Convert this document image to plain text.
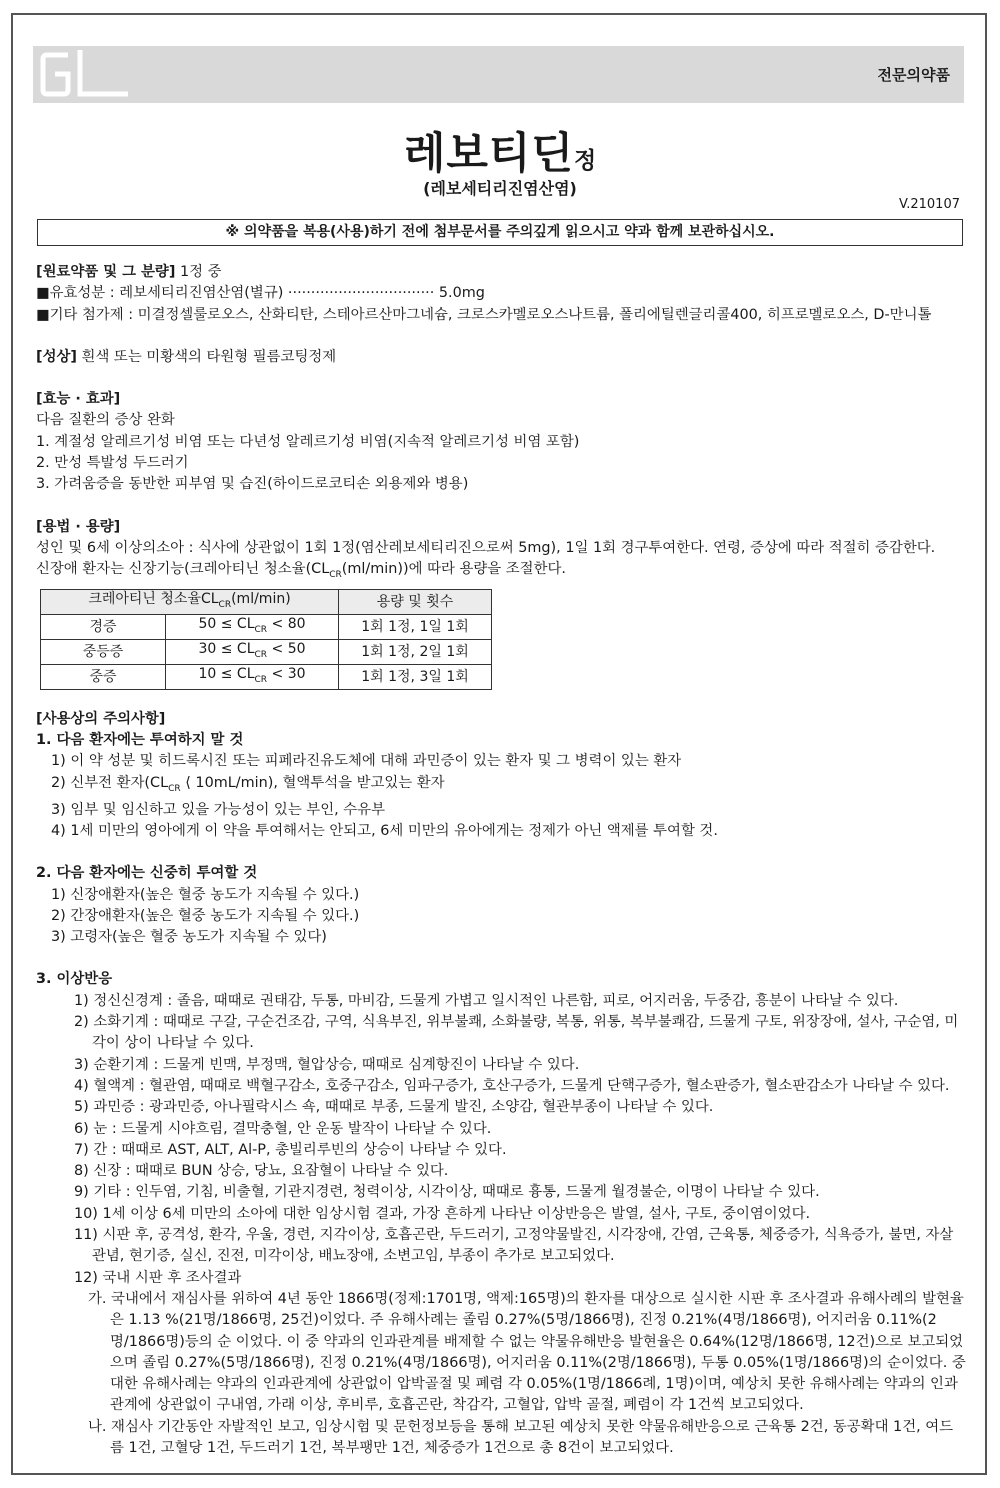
전문의약품
레보티딘정
(레보세티리진염산염)
V.210107
※ 의약품을 복용(사용)하기 전에 첨부문서를 주의깊게 읽으시고 약과 함께 보관하십시오.

[원료약품 및 그 분량] 1정 중

■유효성분 : 레보세티리진염산염(별규) ································ 5.0mg

■기타 첨가제 : 미결정셀룰로오스, 산화티탄, 스테아르산마그네슘, 크로스카멜로오스나트륨, 폴리에틸렌글리콜400, 히프로멜로오스, D-만니톨

[성상] 흰색 또는 미황색의 타원형 필름코팅정제

[효능 · 효과]

다음 질환의 증상 완화

1. 계절성 알레르기성 비염 또는 다년성 알레르기성 비염(지속적 알레르기성 비염 포함)

2. 만성 특발성 두드러기

3. 가려움증을 동반한 피부염 및 습진(하이드로코티손 외용제와 병용)

[용법 · 용량]

성인 및 6세 이상의소아 : 식사에 상관없이 1회 1정(염산레보세티리진으로써 5mg), 1일 1회 경구투여한다. 연령, 증상에 따라 적절히 증감한다.

신장애 환자는 신장기능(크레아티닌 청소율$(CL_{CR}(ml/\min))$에 따라 용량을 조절한다.

크레아티닌 청소율$CL_{CR}(ml/\min)$		용량 및 횟수
경증	$50 \le CL_{CR} < 80$	1회 1정, 1일 1회
중등증	$30 \le CL_{CR} < 50$	1회 1정, 2일 1회
중증	$10 \le CL_{CR} < 30$	1회 1정, 3일 1회

[사용상의 주의사항]

1. 다음 환자에는 투여하지 말 것

1) 이 약 성분 및 히드록시진 또는 피페라진유도체에 대해 과민증이 있는 환자 및 그 병력이 있는 환자

2) 신부전 환자($CL_{CR}$ ⟨ 10mL/min), 혈액투석을 받고있는 환자

3) 임부 및 임신하고 있을 가능성이 있는 부인, 수유부

4) 1세 미만의 영아에게 이 약을 투여해서는 안되고, 6세 미만의 유아에게는 정제가 아닌 액제를 투여할 것.

2. 다음 환자에는 신중히 투여할 것

1) 신장애환자(높은 혈중 농도가 지속될 수 있다.)

2) 간장애환자(높은 혈중 농도가 지속될 수 있다.)

3) 고령자(높은 혈중 농도가 지속될 수 있다)

3. 이상반응

1) 정신신경계 : 졸음, 때때로 권태감, 두통, 마비감, 드물게 가볍고 일시적인 나른함, 피로, 어지러움, 두중감, 흥분이 나타날 수 있다.

2) 소화기계 : 때때로 구갈, 구순건조감, 구역, 식욕부진, 위부불쾌, 소화불량, 복통, 위통, 복부불쾌감, 드물게 구토, 위장장애, 설사, 구순염, 미각이 상이 나타날 수 있다.

3) 순환기계 : 드물게 빈맥, 부정맥, 혈압상승, 때때로 심계항진이 나타날 수 있다.

4) 혈액계 : 혈관염, 때때로 백혈구감소, 호중구감소, 임파구증가, 호산구증가, 드물게 단핵구증가, 혈소판증가, 혈소판감소가 나타날 수 있다.

5) 과민증 : 광과민증, 아나필락시스 쇽, 때때로 부종, 드물게 발진, 소양감, 혈관부종이 나타날 수 있다.

6) 눈 : 드물게 시야흐림, 결막충혈, 안 운동 발작이 나타날 수 있다.

7) 간 : 때때로 AST, ALT, Al-P, 총빌리루빈의 상승이 나타날 수 있다.

8) 신장 : 때때로 BUN 상승, 당뇨, 요잠혈이 나타날 수 있다.

9) 기타 : 인두염, 기침, 비출혈, 기관지경련, 청력이상, 시각이상, 때때로 흉통, 드물게 월경불순, 이명이 나타날 수 있다.

10) 1세 이상 6세 미만의 소아에 대한 임상시험 결과, 가장 흔하게 나타난 이상반응은 발열, 설사, 구토, 중이염이었다.

11) 시판 후, 공격성, 환각, 우울, 경련, 지각이상, 호흡곤란, 두드러기, 고정약물발진, 시각장애, 간염, 근육통, 체중증가, 식욕증가, 불면, 자살관념, 현기증, 실신, 진전, 미각이상, 배뇨장애, 소변고임, 부종이 추가로 보고되었다.

12) 국내 시판 후 조사결과

가. 국내에서 재심사를 위하여 4년 동안 1866명(정제:1701명, 액제:165명)의 환자를 대상으로 실시한 시판 후 조사결과 유해사례의 발현율은 1.13 %(21명/1866명, 25건)이었다. 주 유해사례는 졸림 0.27%(5명/1866명), 진정 0.21%(4명/1866명), 어지러움 0.11%(2명/1866명)등의 순 이었다. 이 중 약과의 인과관계를 배제할 수 없는 약물유해반응 발현율은 0.64%(12명/1866명, 12건)으로 보고되었으며 졸림 0.27%(5명/1866명), 진정 0.21%(4명/1866명), 어지러움 0.11%(2명/1866명), 두통 0.05%(1명/1866명)의 순이었다. 중대한 유해사례는 약과의 인과관계에 상관없이 압박골절 및 폐렴 각 0.05%(1명/1866례, 1명)이며, 예상치 못한 유해사례는 약과의 인과관계에 상관없이 구내염, 가래 이상, 후비루, 호흡곤란, 착감각, 고혈압, 압박 골절, 폐렴이 각 1건씩 보고되었다.

나. 재심사 기간동안 자발적인 보고, 임상시험 및 문헌정보등을 통해 보고된 예상치 못한 약물유해반응으로 근육통 2건, 동공확대 1건, 여드름 1건, 고혈당 1건, 두드러기 1건, 복부팽만 1건, 체중증가 1건으로 총 8건이 보고되었다.
